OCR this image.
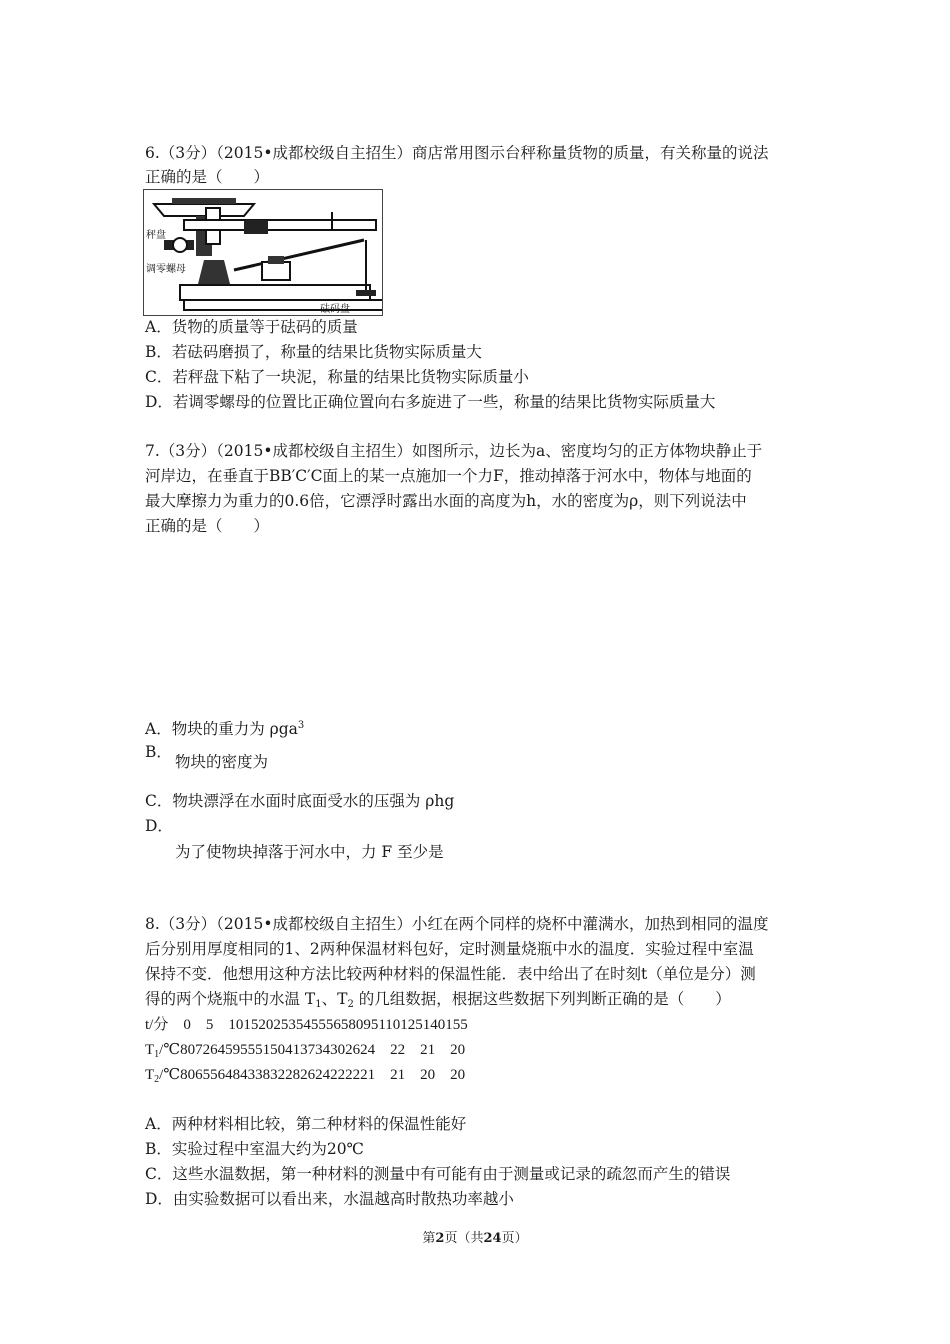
6.（3分）（2015•成都校级自主招生）商店常用图示台秤称量货物的质量，有关称量的说法
正确的是（　　）
秤盘
调零螺母
砝码盘
A．货物的质量等于砝码的质量
B．若砝码磨损了，称量的结果比货物实际质量大
C．若秤盘下粘了一块泥，称量的结果比货物实际质量小
D．若调零螺母的位置比正确位置向右多旋进了一些，称量的结果比货物实际质量大
7.（3分）（2015•成都校级自主招生）如图所示，边长为a、密度均匀的正方体物块静止于
河岸边，在垂直于BB′C′C面上的某一点施加一个力F，推动掉落于河水中，物体与地面的
最大摩擦力为重力的0.6倍，它漂浮时露出水面的高度为h，水的密度为ρ，则下列说法中
正确的是（　　）
A．物块的重力为 ρga$^3$
B．
物块的密度为
C．物块漂浮在水面时底面受水的压强为 ρhg
D．
为了使物块掉落于河水中，力 F 至少是
8.（3分）（2015•成都校级自主招生）小红在两个同样的烧杯中灌满水，加热到相同的温度
后分别用厚度相同的1、2两种保温材料包好，定时测量烧瓶中水的温度．实验过程中室温
保持不变．他想用这种方法比较两种材料的保温性能．表中给出了在时刻t（单位是分）测
得的两个烧瓶中的水温 $T_1$、$T_2$ 的几组数据，根据这些数据下列判断正确的是（　　）
t/分　0　5　1015202535455565809511012514015​5
$T_1/℃807264595551504137343026​24$　22　21　20
$T_2/℃806556484338322826242222​21$　21　20　20
A．两种材料相比较，第二种材料的保温性能好
B．实验过程中室温大约为20℃
C．这些水温数据，第一种材料的测量中有可能有由于测量或记录的疏忽而产生的错误
D．由实验数据可以看出来，水温越高时散热功率越小
第2页（共24页）
